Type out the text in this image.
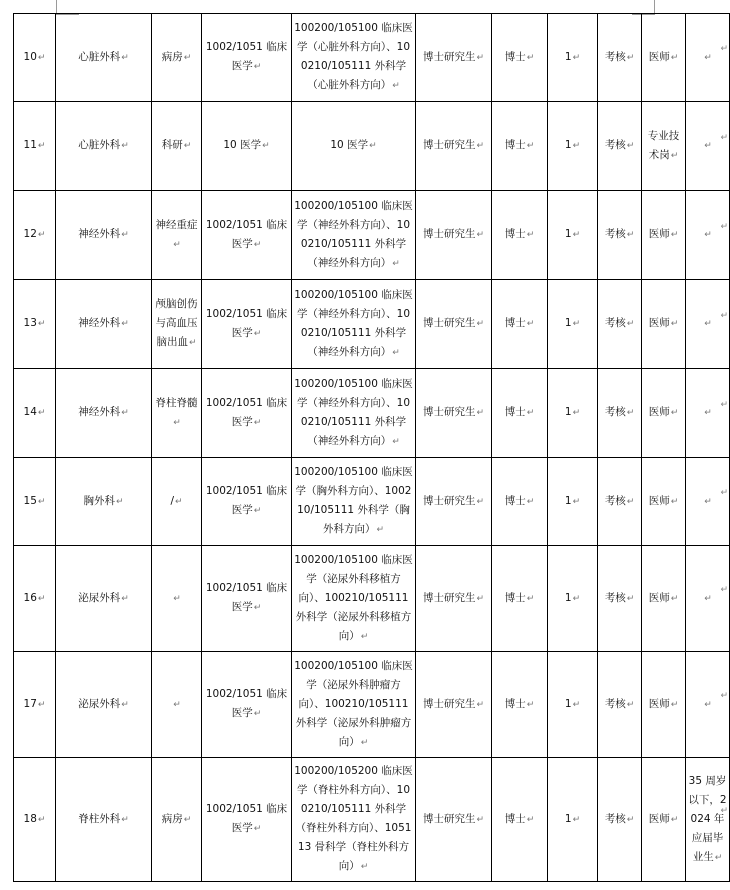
10↵	心脏外科↵	病房↵	1002/1051 临床医学↵	100200/105100 临床医学（心脏外科方向）、100210/105111 外科学（心脏外科方向）↵	博士研究生↵	博士↵	1↵	考核↵	医师↵	↵
11↵	心脏外科↵	科研↵	10 医学↵	10 医学↵	博士研究生↵	博士↵	1↵	考核↵	专业技术岗↵	↵
12↵	神经外科↵	神经重症↵	1002/1051 临床医学↵	100200/105100 临床医学（神经外科方向）、100210/105111 外科学（神经外科方向）↵	博士研究生↵	博士↵	1↵	考核↵	医师↵	↵
13↵	神经外科↵	颅脑创伤与高血压脑出血↵	1002/1051 临床医学↵	100200/105100 临床医学（神经外科方向）、100210/105111 外科学（神经外科方向）↵	博士研究生↵	博士↵	1↵	考核↵	医师↵	↵
14↵	神经外科↵	脊柱脊髓↵	1002/1051 临床医学↵	100200/105100 临床医学（神经外科方向）、100210/105111 外科学（神经外科方向）↵	博士研究生↵	博士↵	1↵	考核↵	医师↵	↵
15↵	胸外科↵	/↵	1002/1051 临床医学↵	100200/105100 临床医学（胸外科方向）、100210/105111 外科学（胸外科方向）↵	博士研究生↵	博士↵	1↵	考核↵	医师↵	↵
16↵	泌尿外科↵	↵	1002/1051 临床医学↵	100200/105100 临床医学（泌尿外科移植方向）、100210/105111 外科学（泌尿外科移植方向）↵	博士研究生↵	博士↵	1↵	考核↵	医师↵	↵
17↵	泌尿外科↵	↵	1002/1051 临床医学↵	100200/105100 临床医学（泌尿外科肿瘤方向）、100210/105111 外科学（泌尿外科肿瘤方向）↵	博士研究生↵	博士↵	1↵	考核↵	医师↵	↵
18↵	脊柱外科↵	病房↵	1002/1051 临床医学↵	100200/105200 临床医学（脊柱外科方向）、100210/105111 外科学（脊柱外科方向）、105113 骨科学（脊柱外科方向）↵	博士研究生↵	博士↵	1↵	考核↵	医师↵	35 周岁以下，2024 年应届毕业生↵
↵
↵
↵
↵
↵
↵
↵
↵
↵
